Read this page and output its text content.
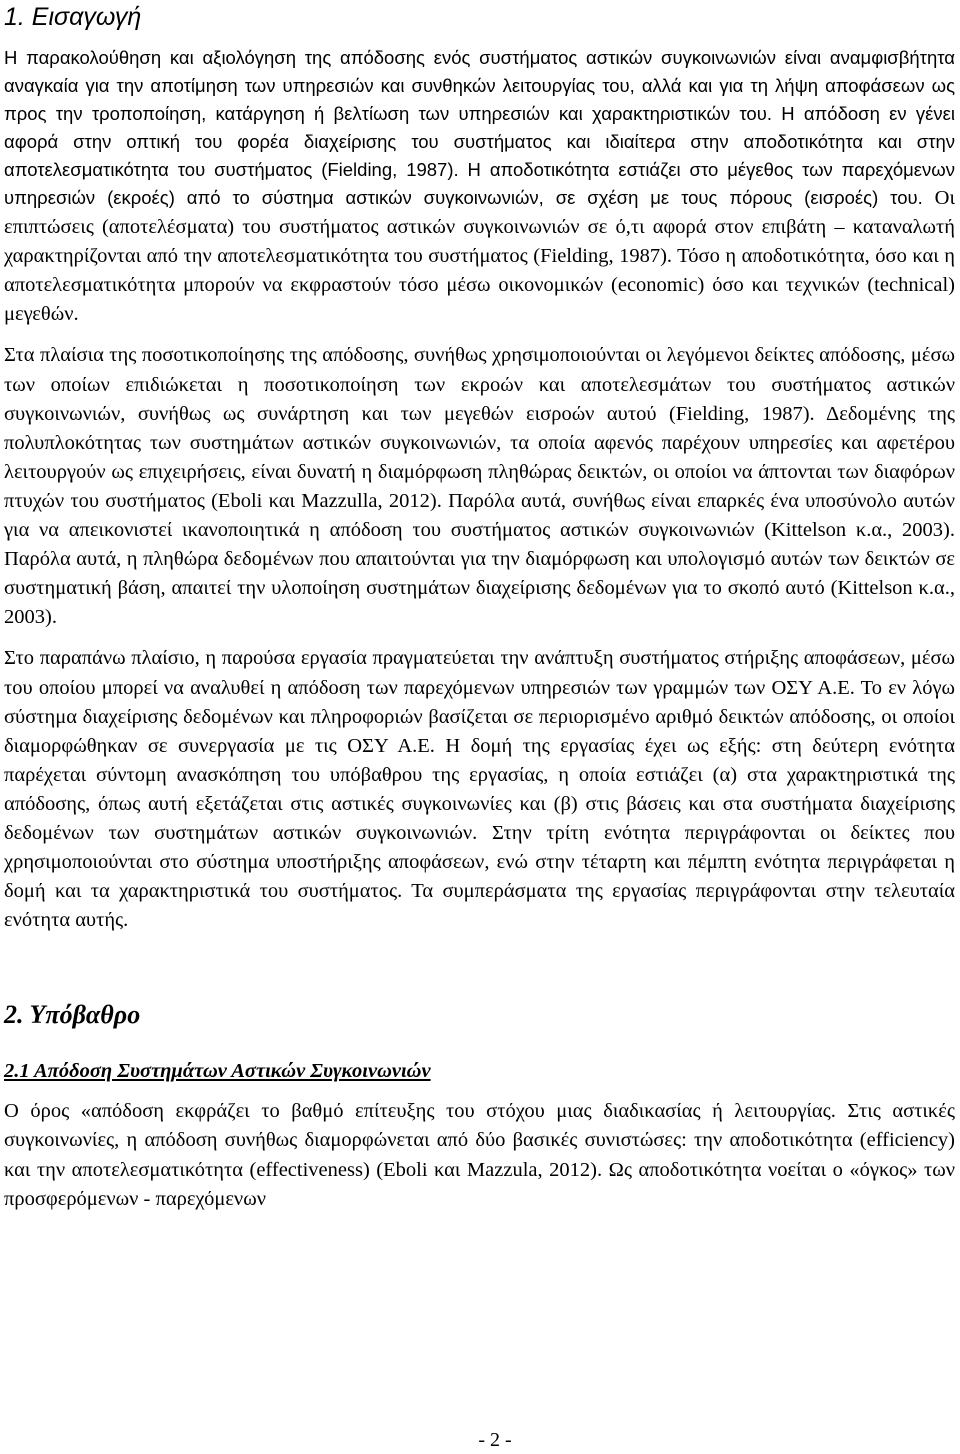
1. Εισαγωγή

Η παρακολούθηση και αξιολόγηση της απόδοσης ενός συστήματος αστικών συγκοινωνιών είναι αναμφισβήτητα αναγκαία για την αποτίμηση των υπηρεσιών και συνθηκών λειτουργίας του, αλλά και για τη λήψη αποφάσεων ως προς την τροποποίηση, κατάργηση ή βελτίωση των υπηρεσιών και χαρακτηριστικών του. Η απόδοση εν γένει αφορά στην οπτική του φορέα διαχείρισης του συστήματος και ιδιαίτερα στην αποδοτικότητα και στην αποτελεσματικότητα του συστήματος (Fielding, 1987). Η αποδοτικότητα εστιάζει στο μέγεθος των παρεχόμενων υπηρεσιών (εκροές) από το σύστημα αστικών συγκοινωνιών, σε σχέση με τους πόρους (εισροές) του. Οι επιπτώσεις (αποτελέσματα) του συστήματος αστικών συγκοινωνιών σε ό,τι αφορά στον επιβάτη – καταναλωτή χαρακτηρίζονται από την αποτελεσματικότητα του συστήματος (Fielding, 1987). Τόσο η αποδοτικότητα, όσο και η αποτελεσματικότητα μπορούν να εκφραστούν τόσο μέσω οικονομικών (economic) όσο και τεχνικών (technical) μεγεθών.

Στα πλαίσια της ποσοτικοποίησης της απόδοσης, συνήθως χρησιμοποιούνται οι λεγόμενοι δείκτες απόδοσης, μέσω των οποίων επιδιώκεται η ποσοτικοποίηση των εκροών και αποτελεσμάτων του συστήματος αστικών συγκοινωνιών, συνήθως ως συνάρτηση και των μεγεθών εισροών αυτού (Fielding, 1987). Δεδομένης της πολυπλοκότητας των συστημάτων αστικών συγκοινωνιών, τα οποία αφενός παρέχουν υπηρεσίες και αφετέρου λειτουργούν ως επιχειρήσεις, είναι δυνατή η διαμόρφωση πληθώρας δεικτών, οι οποίοι να άπτονται των διαφόρων πτυχών του συστήματος (Eboli και Mazzulla, 2012). Παρόλα αυτά, συνήθως είναι επαρκές ένα υποσύνολο αυτών για να απεικονιστεί ικανοποιητικά η απόδοση του συστήματος αστικών συγκοινωνιών (Kittelson κ.α., 2003). Παρόλα αυτά, η πληθώρα δεδομένων που απαιτούνται για την διαμόρφωση και υπολογισμό αυτών των δεικτών σε συστηματική βάση, απαιτεί την υλοποίηση συστημάτων διαχείρισης δεδομένων για το σκοπό αυτό (Kittelson κ.α., 2003).

Στο παραπάνω πλαίσιο, η παρούσα εργασία πραγματεύεται την ανάπτυξη συστήματος στήριξης αποφάσεων, μέσω του οποίου μπορεί να αναλυθεί η απόδοση των παρεχόμενων υπηρεσιών των γραμμών των ΟΣΥ Α.Ε. Το εν λόγω σύστημα διαχείρισης δεδομένων και πληροφοριών βασίζεται σε περιορισμένο αριθμό δεικτών απόδοσης, οι οποίοι διαμορφώθηκαν σε συνεργασία με τις ΟΣΥ Α.Ε. Η δομή της εργασίας έχει ως εξής: στη δεύτερη ενότητα παρέχεται σύντομη ανασκόπηση του υπόβαθρου της εργασίας, η οποία εστιάζει (α) στα χαρακτηριστικά της απόδοσης, όπως αυτή εξετάζεται στις αστικές συγκοινωνίες και (β) στις βάσεις και στα συστήματα διαχείρισης δεδομένων των συστημάτων αστικών συγκοινωνιών. Στην τρίτη ενότητα περιγράφονται οι δείκτες που χρησιμοποιούνται στο σύστημα υποστήριξης αποφάσεων, ενώ στην τέταρτη και πέμπτη ενότητα περιγράφεται η δομή και τα χαρακτηριστικά του συστήματος. Τα συμπεράσματα της εργασίας περιγράφονται στην τελευταία ενότητα αυτής.

2. Υπόβαθρο
2.1 Απόδοση Συστημάτων Αστικών Συγκοινωνιών

Ο όρος «απόδοση εκφράζει το βαθμό επίτευξης του στόχου μιας διαδικασίας ή λειτουργίας. Στις αστικές συγκοινωνίες, η απόδοση συνήθως διαμορφώνεται από δύο βασικές συνιστώσες: την αποδοτικότητα (efficiency) και την αποτελεσματικότητα (effectiveness) (Eboli και Mazzula, 2012). Ως αποδοτικότητα νοείται ο «όγκος» των προσφερόμενων - παρεχόμενων

- 2 -
